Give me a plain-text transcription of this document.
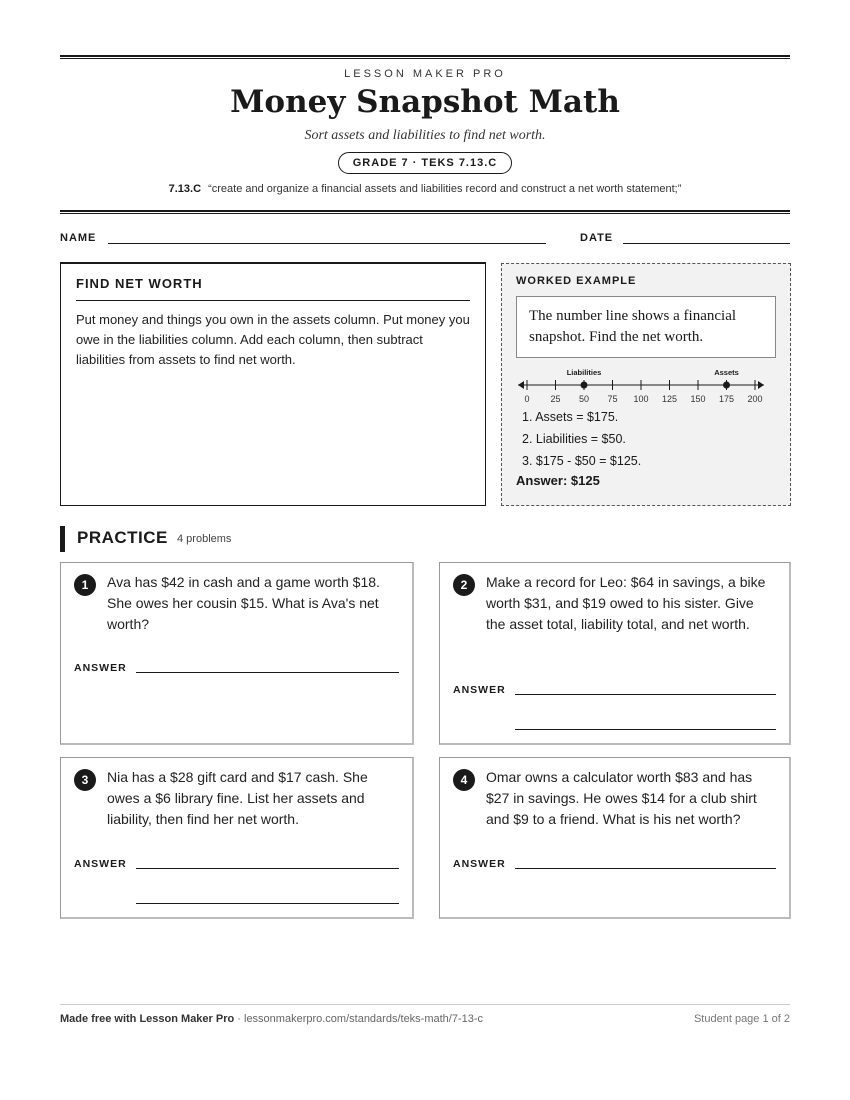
LESSON MAKER PRO
Money Snapshot Math
Sort assets and liabilities to find net worth.
GRADE 7 · TEKS 7.13.C
7.13.C “create and organize a financial assets and liabilities record and construct a net worth statement;”
NAME	DATE
FIND NET WORTH
Put money and things you own in the assets column. Put money you owe in the liabilities column. Add each column, then subtract liabilities from assets to find net worth.
WORKED EXAMPLE
The number line shows a financial snapshot. Find the net worth.
0 25 50 75 100 125 150 175 200
Liabilities	Assets
1. Assets = $175.
2. Liabilities = $50.
3. $175 - $50 = $125.
Answer: $125
PRACTICE 4 problems
1	Ava has $42 in cash and a game worth $18. She owes her cousin $15. What is Ava's net worth?
ANSWER
2	Make a record for Leo: $64 in savings, a bike worth $31, and $19 owed to his sister. Give the asset total, liability total, and net worth.
ANSWER
3	Nia has a $28 gift card and $17 cash. She owes a $6 library fine. List her assets and liability, then find her net worth.
ANSWER
4	Omar owns a calculator worth $83 and has $27 in savings. He owes $14 for a club shirt and $9 to a friend. What is his net worth?
ANSWER
Made free with Lesson Maker Pro · lessonmakerpro.com/standards/teks-math/7-13-c	Student page 1 of 2
